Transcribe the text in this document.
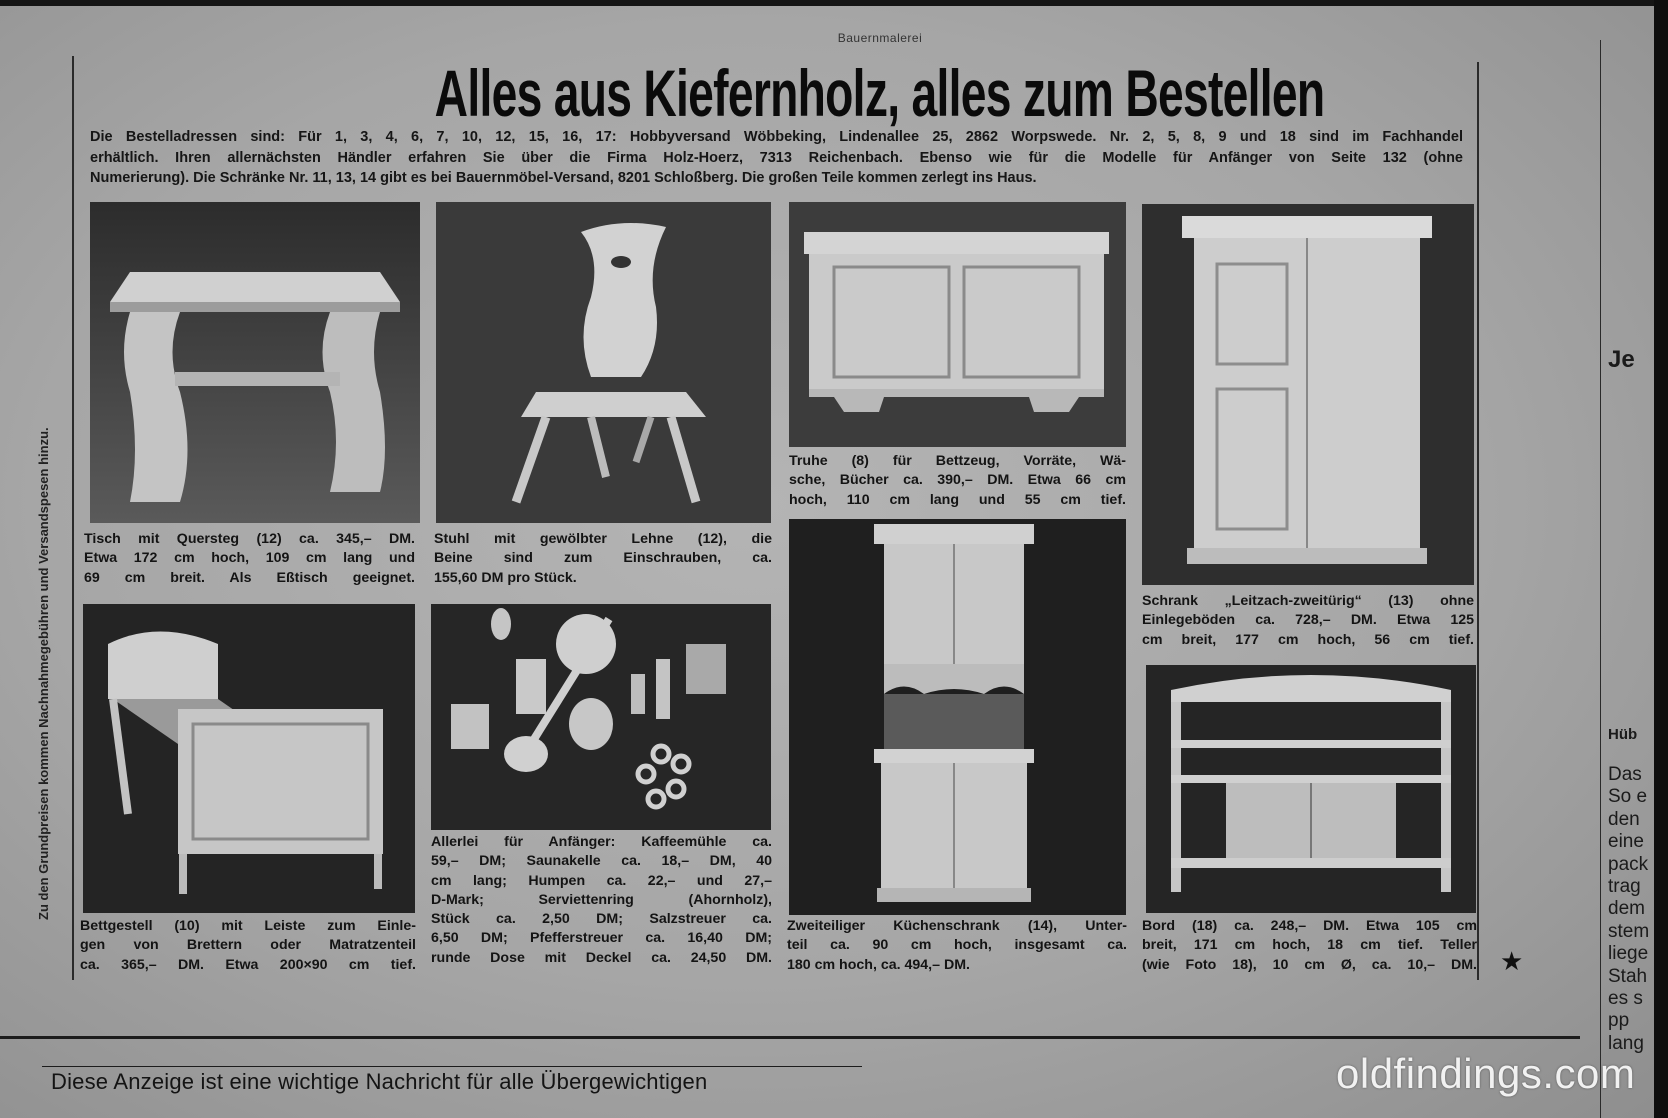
Bauernmalerei
Alles aus Kiefernholz, alles zum Bestellen
Die Bestelladressen sind: Für 1, 3, 4, 6, 7, 10, 12, 15, 16, 17: Hobbyversand Wöbbeking, Lindenallee 25, 2862 Worpswede. Nr. 2, 5, 8, 9 und 18 sind im Fachhandel
erhältlich. Ihren allernächsten Händler erfahren Sie über die Firma Holz-Hoerz, 7313 Reichenbach. Ebenso wie für die Modelle für Anfänger von Seite 132 (ohne
Numerierung). Die Schränke Nr. 11, 13, 14 gibt es bei Bauernmöbel-Versand, 8201 Schloßberg. Die großen Teile kommen zerlegt ins Haus.
Zu den Grundpreisen kommen Nachnahmegebühren und Versandspesen hinzu.	Truhe (8) für Bettzeug, Vorräte, Wä-
sche, Bücher ca. 390,– DM. Etwa 66 cm
hoch, 110 cm lang und 55 cm tief.
Schrank „Leitzach-zweitürig“ (13) ohne
Einlegeböden ca. 728,– DM. Etwa 125
cm breit, 177 cm hoch, 56 cm tief.
Tisch mit Quersteg (12) ca. 345,– DM.
Etwa 172 cm hoch, 109 cm lang und
69 cm breit. Als Eßtisch geeignet.
Stuhl mit gewölbter Lehne (12), die
Beine sind zum Einschrauben, ca.
155,60 DM pro Stück.
Bettgestell (10) mit Leiste zum Einle-
gen von Brettern oder Matratzenteil
ca. 365,– DM. Etwa 200×90 cm tief.
Allerlei für Anfänger: Kaffeemühle ca.
59,– DM; Saunakelle ca. 18,– DM, 40
cm lang; Humpen ca. 22,– und 27,–
D-Mark; Serviettenring (Ahornholz),
Stück ca. 2,50 DM; Salzstreuer ca.
6,50 DM; Pfefferstreuer ca. 16,40 DM;
runde Dose mit Deckel ca. 24,50 DM.
Zweiteiliger Küchenschrank (14), Unter-
teil ca. 90 cm hoch, insgesamt ca.
180 cm hoch, ca. 494,– DM.
Bord (18) ca. 248,– DM. Etwa 105 cm
breit, 171 cm hoch, 18 cm tief. Teller
(wie Foto 18), 10 cm Ø, ca. 10,– DM. ★
Diese Anzeige ist eine wichtige Nachricht für alle Übergewichtigen
Je
Hüb
Das
So e
den
eine
pack
trag
dem
stem
liege
Stah
es s
pp
lang
oldfindings.com
